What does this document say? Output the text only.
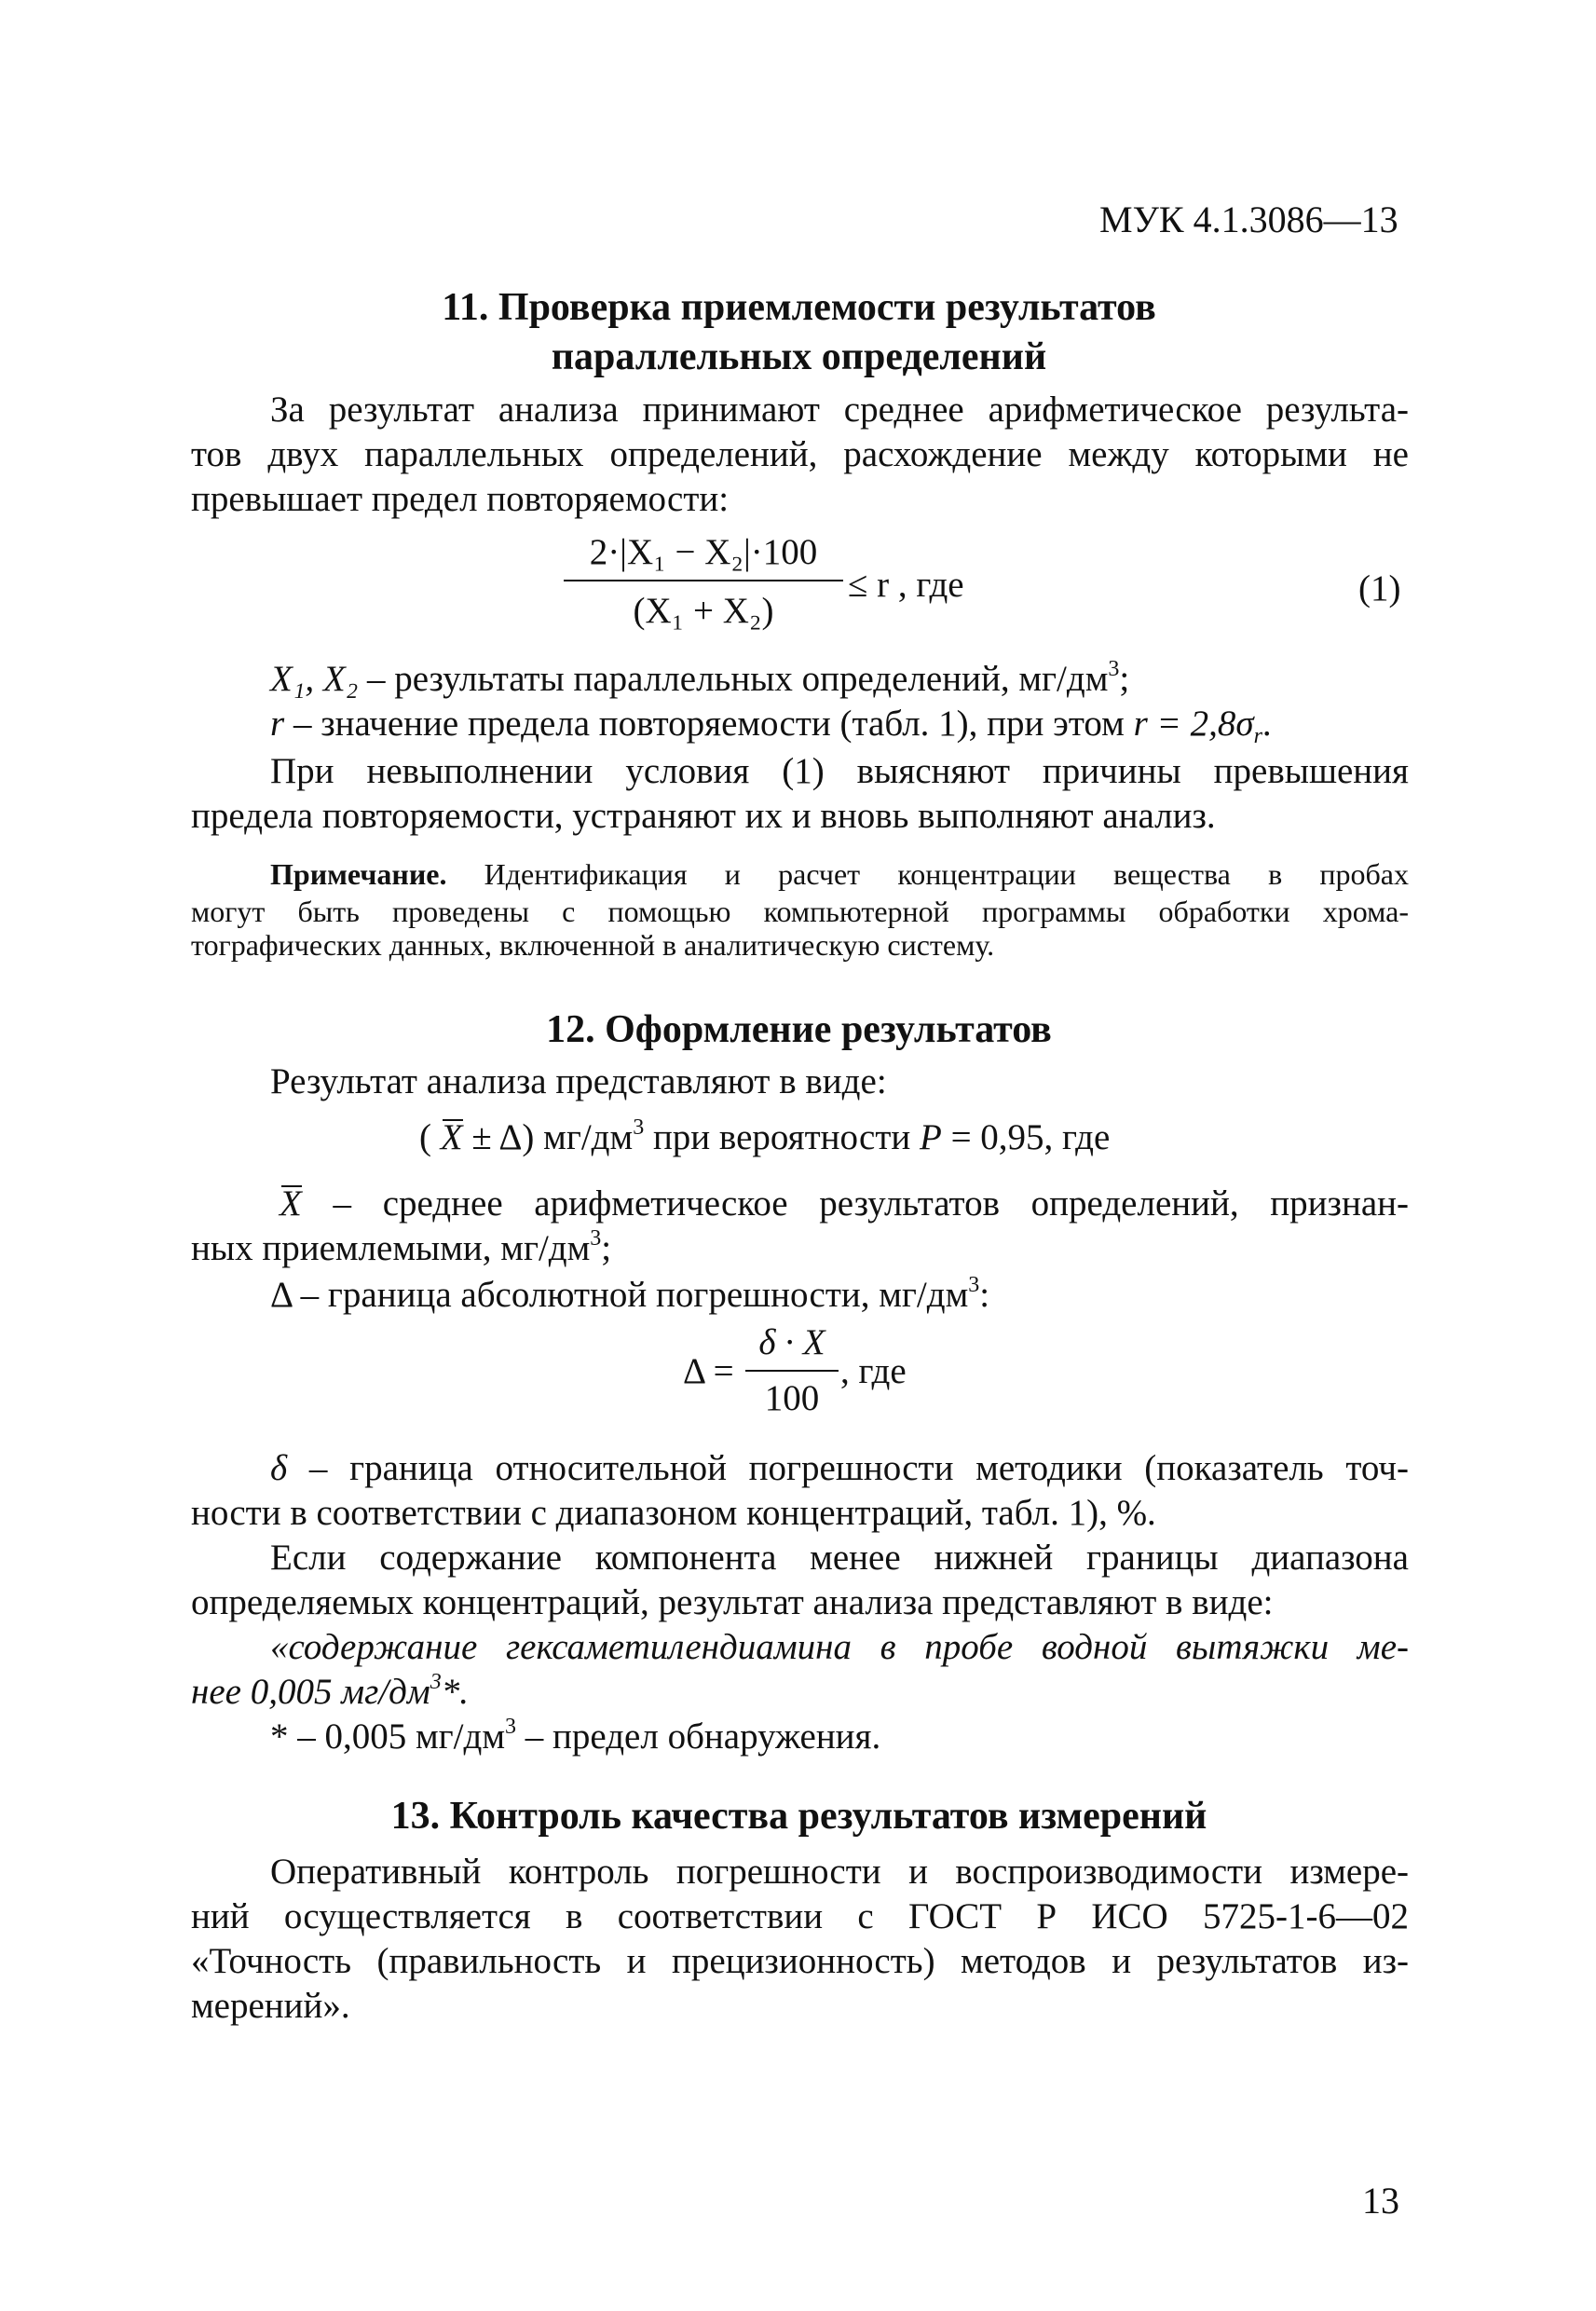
МУК 4.1.3086—13
11. Проверка приемлемости результатов
параллельных определений
За результат анализа принимают среднее арифметическое результа-
тов двух параллельных определений, расхождение между которыми не
превышает предел повторяемости:
2·|X₁ − X₂|·100
(X₁ + X₂)
≤ r , где	(1)
X₁, X₂ – результаты параллельных определений, $мг/дм^3$;
r – значение предела повторяемости (табл. 1), при этом $r = 2,8\sigma_r$.
При невыполнении условия (1) выясняют причины превышения
предела повторяемости, устраняют их и вновь выполняют анализ.
Примечание. Идентификация и расчет концентрации вещества в пробах
могут быть проведены с помощью компьютерной программы обработки хрома-
тографических данных, включенной в аналитическую систему.
12. Оформление результатов
Результат анализа представляют в виде:
( X ± Δ) $мг/дм^3$ при вероятности P = 0,95, где
X – среднее арифметическое результатов определений, признан-
ных приемлемыми, $мг/дм^3$;
Δ – граница абсолютной погрешности, $мг/дм^3$:
Δ =
δ · X
100
, где
δ – граница относительной погрешности методики (показатель точ-
ности в соответствии с диапазоном концентраций, табл. 1), %.
Если содержание компонента менее нижней границы диапазона
определяемых концентраций, результат анализа представляют в виде:
«содержание гексаметилендиамина в пробе водной вытяжки ме-
нее 0,005 $мг/дм^3*$.
* – 0,005 $мг/дм^3$ – предел обнаружения.
13. Контроль качества результатов измерений
Оперативный контроль погрешности и воспроизводимости измере-
ний осуществляется в соответствии с ГОСТ Р ИСО 5725-1-6—02
«Точность (правильность и прецизионность) методов и результатов из-
мерений».
13
